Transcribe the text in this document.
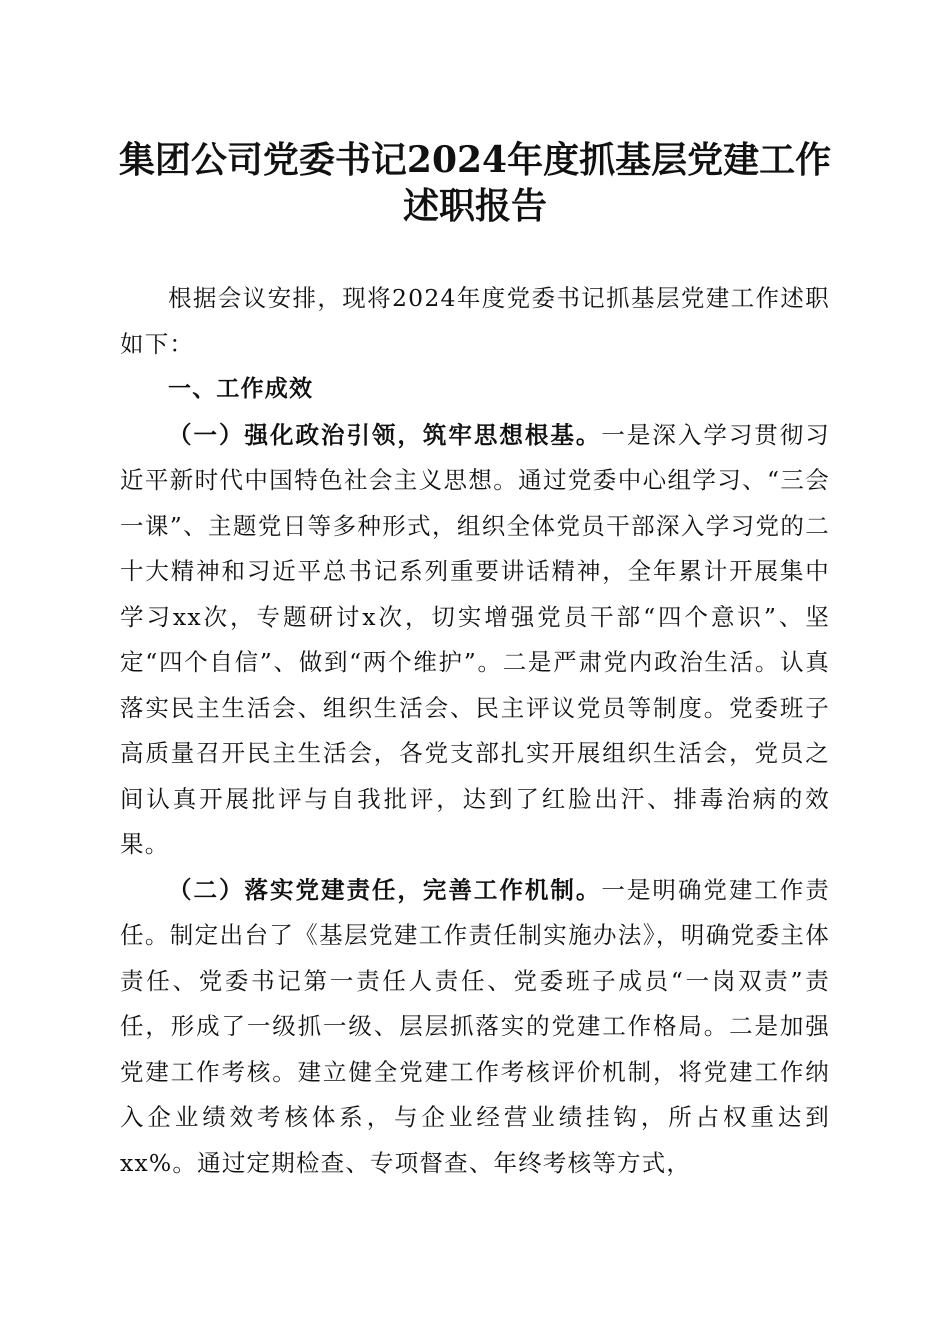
集团公司党委书记2024年度抓基层党建工作
述职报告

根据会议安排，现将2024年度党委书记抓基层党建工作述职如下：

一、工作成效

（一）强化政治引领，筑牢思想根基。一是深入学习贯彻习近平新时代中国特色社会主义思想。通过党委中心组学习、“三会一课”、主题党日等多种形式，组织全体党员干部深入学习党的二十大精神和习近平总书记系列重要讲话精神，全年累计开展集中学习xx次，专题研讨x次，切实增强党员干部“四个意识”、坚定“四个自信”、做到“两个维护”。二是严肃党内政治生活。认真落实民主生活会、组织生活会、民主评议党员等制度。党委班子高质量召开民主生活会，各党支部扎实开展组织生活会，党员之间认真开展批评与自我批评，达到了红脸出汗、排毒治病的效果。

（二）落实党建责任，完善工作机制。一是明确党建工作责任。制定出台了《基层党建工作责任制实施办法》，明确党委主体责任、党委书记第一责任人责任、党委班子成员“一岗双责”责任，形成了一级抓一级、层层抓落实的党建工作格局。二是加强党建工作考核。建立健全党建工作考核评价机制，将党建工作纳入企业绩效考核体系，与企业经营业绩挂钩，所占权重达到xx%。通过定期检查、专项督查、年终考核等方式，
